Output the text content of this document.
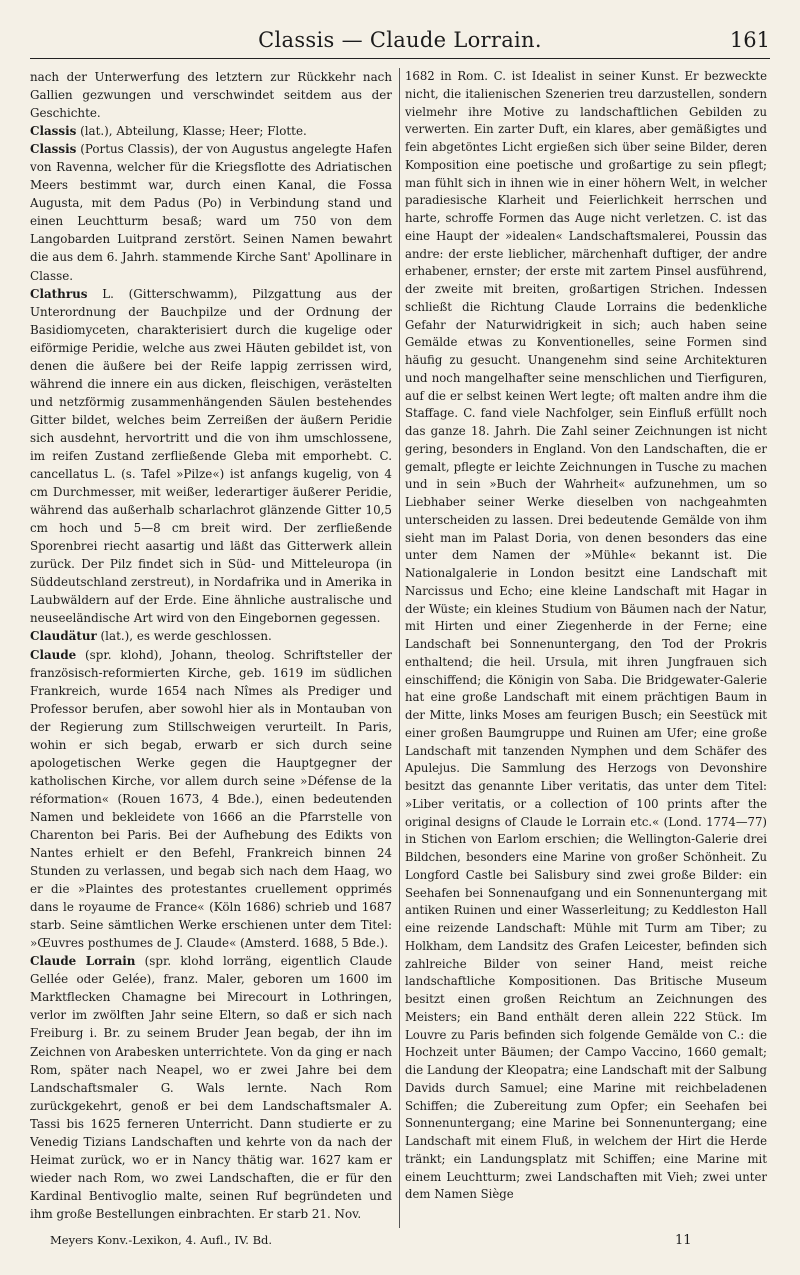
Classis — Claude Lorrain.	161

nach der Unterwerfung des letztern zur Rückkehr nach Gallien gezwungen und verschwindet seitdem aus der Geschichte.

Classis (lat.), Abteilung, Klasse; Heer; Flotte.

Classis (Portus Classis), der von Augustus angelegte Hafen von Ravenna, welcher für die Kriegsflotte des Adriatischen Meers bestimmt war, durch einen Kanal, die Fossa Augusta, mit dem Padus (Po) in Verbindung stand und einen Leuchtturm besaß; ward um 750 von dem Langobarden Luitprand zerstört. Seinen Namen bewahrt die aus dem 6. Jahrh. stammende Kirche Sant' Apollinare in Classe.

Clathrus L. (Gitterschwamm), Pilzgattung aus der Unterordnung der Bauchpilze und der Ordnung der Basidiomyceten, charakterisiert durch die kugelige oder eiförmige Peridie, welche aus zwei Häuten gebildet ist, von denen die äußere bei der Reife lappig zerrissen wird, während die innere ein aus dicken, fleischigen, verästelten und netzförmig zusammenhängenden Säulen bestehendes Gitter bildet, welches beim Zerreißen der äußern Peridie sich ausdehnt, hervortritt und die von ihm umschlossene, im reifen Zustand zerfließende Gleba mit emporhebt. C. cancellatus L. (s. Tafel »Pilze«) ist anfangs kugelig, von 4 cm Durchmesser, mit weißer, lederartiger äußerer Peridie, während das außerhalb scharlachrot glänzende Gitter 10,5 cm hoch und 5—8 cm breit wird. Der zerfließende Sporenbrei riecht aasartig und läßt das Gitterwerk allein zurück. Der Pilz findet sich in Süd- und Mitteleuropa (in Süddeutschland zerstreut), in Nordafrika und in Amerika in Laubwäldern auf der Erde. Eine ähnliche australische und neuseeländische Art wird von den Eingebornen gegessen.

Claudätur (lat.), es werde geschlossen.

Claude (spr. klohd), Johann, theolog. Schriftsteller der französisch-reformierten Kirche, geb. 1619 im südlichen Frankreich, wurde 1654 nach Nîmes als Prediger und Professor berufen, aber sowohl hier als in Montauban von der Regierung zum Stillschweigen verurteilt. In Paris, wohin er sich begab, erwarb er sich durch seine apologetischen Werke gegen die Hauptgegner der katholischen Kirche, vor allem durch seine »Défense de la réformation« (Rouen 1673, 4 Bde.), einen bedeutenden Namen und bekleidete von 1666 an die Pfarrstelle von Charenton bei Paris. Bei der Aufhebung des Edikts von Nantes erhielt er den Befehl, Frankreich binnen 24 Stunden zu verlassen, und begab sich nach dem Haag, wo er die »Plaintes des protestantes cruellement opprimés dans le royaume de France« (Köln 1686) schrieb und 1687 starb. Seine sämtlichen Werke erschienen unter dem Titel: »Œuvres posthumes de J. Claude« (Amsterd. 1688, 5 Bde.).

Claude Lorrain (spr. klohd lorräng, eigentlich Claude Gellée oder Gelée), franz. Maler, geboren um 1600 im Marktflecken Chamagne bei Mirecourt in Lothringen, verlor im zwölften Jahr seine Eltern, so daß er sich nach Freiburg i. Br. zu seinem Bruder Jean begab, der ihn im Zeichnen von Arabesken unterrichtete. Von da ging er nach Rom, später nach Neapel, wo er zwei Jahre bei dem Landschaftsmaler G. Wals lernte. Nach Rom zurückgekehrt, genoß er bei dem Landschaftsmaler A. Tassi bis 1625 ferneren Unterricht. Dann studierte er zu Venedig Tizians Landschaften und kehrte von da nach der Heimat zurück, wo er in Nancy thätig war. 1627 kam er wieder nach Rom, wo zwei Landschaften, die er für den Kardinal Bentivoglio malte, seinen Ruf begründeten und ihm große Bestellungen einbrachten. Er starb 21. Nov.

1682 in Rom. C. ist Idealist in seiner Kunst. Er bezweckte nicht, die italienischen Szenerien treu darzustellen, sondern vielmehr ihre Motive zu landschaftlichen Gebilden zu verwerten. Ein zarter Duft, ein klares, aber gemäßigtes und fein abgetöntes Licht ergießen sich über seine Bilder, deren Komposition eine poetische und großartige zu sein pflegt; man fühlt sich in ihnen wie in einer höhern Welt, in welcher paradiesische Klarheit und Feierlichkeit herrschen und harte, schroffe Formen das Auge nicht verletzen. C. ist das eine Haupt der »idealen« Landschaftsmalerei, Poussin das andre: der erste lieblicher, märchenhaft duftiger, der andre erhabener, ernster; der erste mit zartem Pinsel ausführend, der zweite mit breiten, großartigen Strichen. Indessen schließt die Richtung Claude Lorrains die bedenkliche Gefahr der Naturwidrigkeit in sich; auch haben seine Gemälde etwas zu Konventionelles, seine Formen sind häufig zu gesucht. Unangenehm sind seine Architekturen und noch mangelhafter seine menschlichen und Tierfiguren, auf die er selbst keinen Wert legte; oft malten andre ihm die Staffage. C. fand viele Nachfolger, sein Einfluß erfüllt noch das ganze 18. Jahrh. Die Zahl seiner Zeichnungen ist nicht gering, besonders in England. Von den Landschaften, die er gemalt, pflegte er leichte Zeichnungen in Tusche zu machen und in sein »Buch der Wahrheit« aufzunehmen, um so Liebhaber seiner Werke dieselben von nachgeahmten unterscheiden zu lassen. Drei bedeutende Gemälde von ihm sieht man im Palast Doria, von denen besonders das eine unter dem Namen der »Mühle« bekannt ist. Die Nationalgalerie in London besitzt eine Landschaft mit Narcissus und Echo; eine kleine Landschaft mit Hagar in der Wüste; ein kleines Studium von Bäumen nach der Natur, mit Hirten und einer Ziegenherde in der Ferne; eine Landschaft bei Sonnenuntergang, den Tod der Prokris enthaltend; die heil. Ursula, mit ihren Jungfrauen sich einschiffend; die Königin von Saba. Die Bridgewater-Galerie hat eine große Landschaft mit einem prächtigen Baum in der Mitte, links Moses am feurigen Busch; ein Seestück mit einer großen Baumgruppe und Ruinen am Ufer; eine große Landschaft mit tanzenden Nymphen und dem Schäfer des Apulejus. Die Sammlung des Herzogs von Devonshire besitzt das genannte Liber veritatis, das unter dem Titel: »Liber veritatis, or a collection of 100 prints after the original designs of Claude le Lorrain etc.« (Lond. 1774—77) in Stichen von Earlom erschien; die Wellington-Galerie drei Bildchen, besonders eine Marine von großer Schönheit. Zu Longford Castle bei Salisbury sind zwei große Bilder: ein Seehafen bei Sonnenaufgang und ein Sonnenuntergang mit antiken Ruinen und einer Wasserleitung; zu Keddleston Hall eine reizende Landschaft: Mühle mit Turm am Tiber; zu Holkham, dem Landsitz des Grafen Leicester, befinden sich zahlreiche Bilder von seiner Hand, meist reiche landschaftliche Kompositionen. Das Britische Museum besitzt einen großen Reichtum an Zeichnungen des Meisters; ein Band enthält deren allein 222 Stück. Im Louvre zu Paris befinden sich folgende Gemälde von C.: die Hochzeit unter Bäumen; der Campo Vaccino, 1660 gemalt; die Landung der Kleopatra; eine Landschaft mit der Salbung Davids durch Samuel; eine Marine mit reichbeladenen Schiffen; die Zubereitung zum Opfer; ein Seehafen bei Sonnenuntergang; eine Marine bei Sonnenuntergang; eine Landschaft mit einem Fluß, in welchem der Hirt die Herde tränkt; ein Landungsplatz mit Schiffen; eine Marine mit einem Leuchtturm; zwei Landschaften mit Vieh; zwei unter dem Namen Siège

Meyers Konv.-Lexikon, 4. Aufl., IV. Bd.	11
